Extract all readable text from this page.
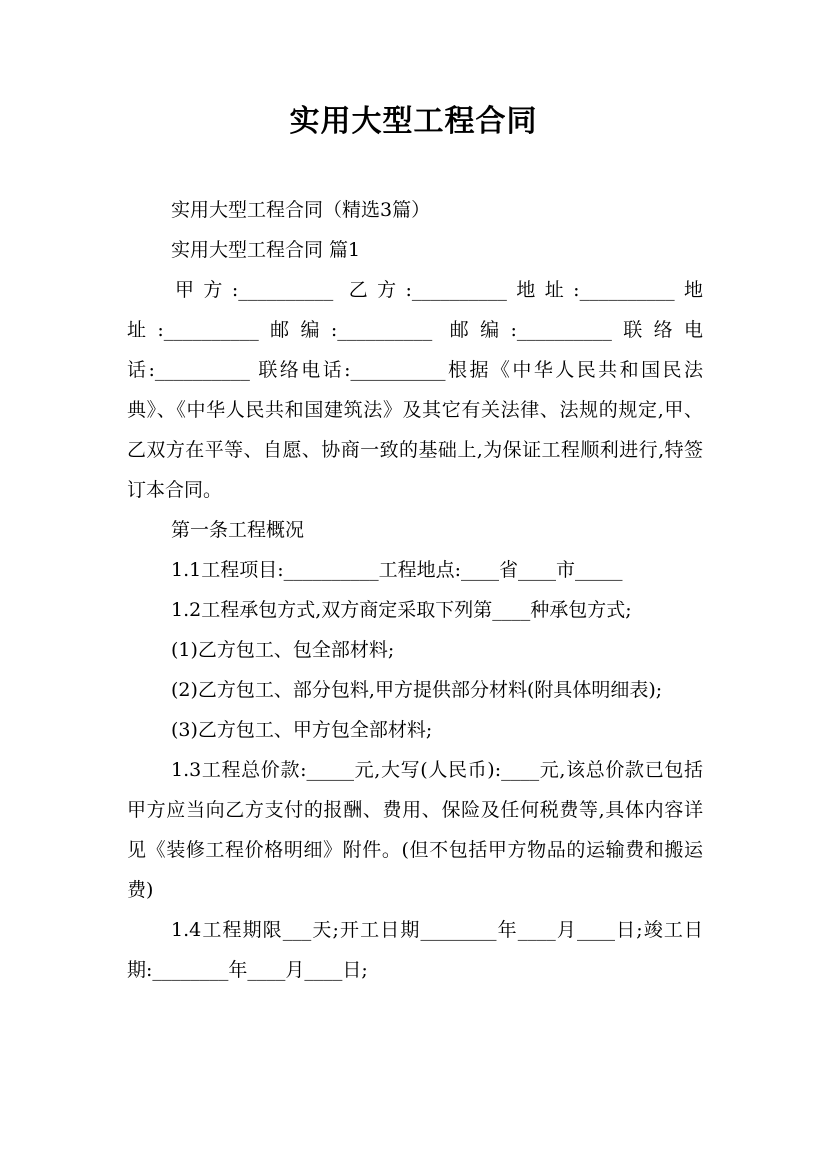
实用大型工程合同

实用大型工程合同（精选3篇）

实用大型工程合同 篇1

甲方:__________ 乙方:__________地址:__________地址:__________邮编:__________ 邮编:__________联络电话:__________ 联络电话:__________根据《中华人民共和国民法典》、《中华人民共和国建筑法》及其它有关法律、法规的规定,甲、乙双方在平等、自愿、协商一致的基础上,为保证工程顺利进行,特签订本合同。

第一条工程概况

1.1工程项目:__________工程地点:____省____市_____

1.2工程承包方式,双方商定采取下列第____种承包方式;

(1)乙方包工、包全部材料;

(2)乙方包工、部分包料,甲方提供部分材料(附具体明细表);

(3)乙方包工、甲方包全部材料;

1.3工程总价款:_____元,大写(人民币):____元,该总价款已包括甲方应当向乙方支付的报酬、费用、保险及任何税费等,具体内容详见《装修工程价格明细》附件。(但不包括甲方物品的运输费和搬运费)

1.4工程期限___天;开工日期________年____月____日;竣工日期:________年____月____日;
